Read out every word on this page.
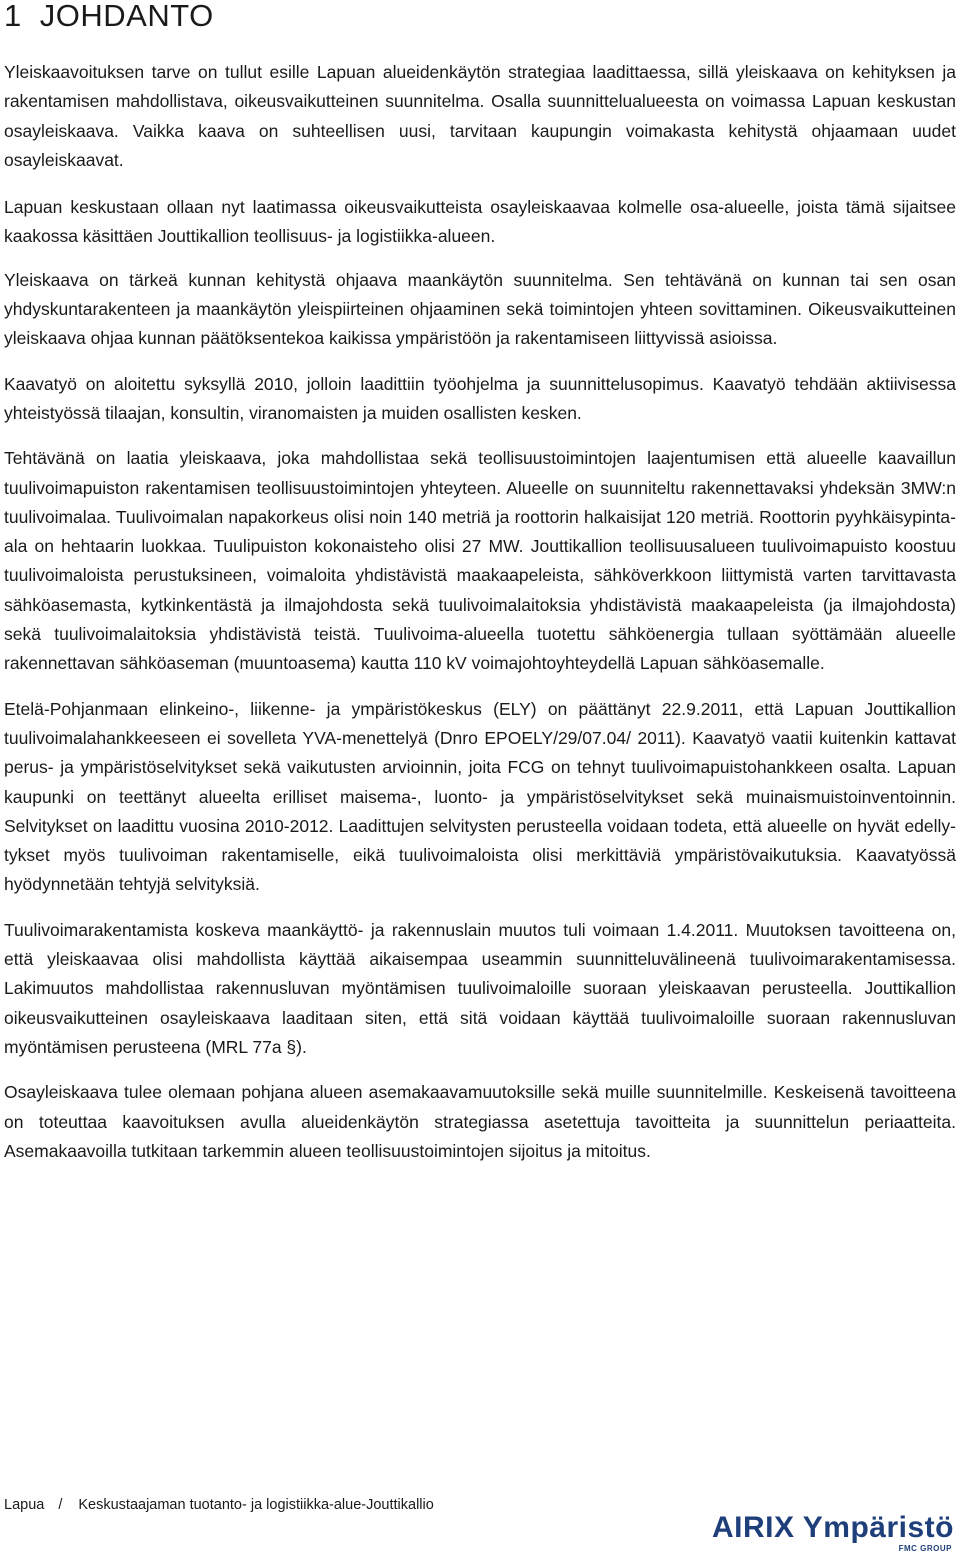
1 JOHDANTO

Yleiskaavoituksen tarve on tullut esille Lapuan alueidenkäytön strategiaa laadittaessa, sillä yleiskaava on kehityksen ja rakentamisen mahdollistava, oikeusvaikutteinen suunnitelma. Osalla suunnittelualueesta on voimassa Lapuan keskustan osayleiskaava. Vaikka kaava on suhteellisen uusi, tarvitaan kaupungin voimakasta kehitystä ohjaamaan uudet osayleiskaavat.

Lapuan keskustaan ollaan nyt laatimassa oikeusvaikutteista osayleiskaavaa kolmelle osa-alueelle, joista tämä sijaitsee kaakossa käsittäen Jouttikallion teollisuus- ja logistiikka-alueen.

Yleiskaava on tärkeä kunnan kehitystä ohjaava maankäytön suunnitelma. Sen tehtävänä on kunnan tai sen osan yhdyskuntarakenteen ja maankäytön yleispiirteinen ohjaaminen sekä toimintojen yhteen sovittaminen. Oikeusvaikutteinen yleiskaava ohjaa kunnan päätöksentekoa kaikissa ympäristöön ja rakentamiseen liittyvissä asioissa.

Kaavatyö on aloitettu syksyllä 2010, jolloin laadittiin työohjelma ja suunnittelusopimus. Kaavatyö tehdään aktiivisessa yhteistyössä tilaajan, konsultin, viranomaisten ja muiden osallisten kesken.

Tehtävänä on laatia yleiskaava, joka mahdollistaa sekä teollisuustoimintojen laajentumisen että alueelle kaavaillun tuulivoimapuiston rakentamisen teollisuustoimintojen yhteyteen. Alueelle on suunniteltu rakennettavaksi yhdeksän 3MW:n tuulivoimalaa. Tuulivoimalan napakorkeus olisi noin 140 metriä ja roottorin halkaisijat 120 metriä. Roottorin pyyhkäisypinta-ala on hehtaarin luokkaa. Tuulipuiston kokonaisteho olisi 27 MW. Jouttikallion teollisuusalueen tuulivoimapuisto koostuu tuulivoimaloista perustuksineen, voimaloita yhdistävistä maakaapeleista, sähköverkkoon liittymistä varten tarvittavasta sähköasemasta, kytkinkentästä ja ilmajohdosta sekä tuulivoimalaitoksia yhdistävistä maakaapeleista (ja ilmajohdosta) sekä tuulivoimalaitoksia yhdistävistä teistä. Tuulivoima-alueella tuotettu sähköenergia tullaan syöttämään alueelle rakennettavan sähköaseman (muuntoasema) kautta 110 kV voimajohtoyhteydellä Lapuan sähköasemalle.

Etelä-Pohjanmaan elinkeino-, liikenne- ja ympäristökeskus (ELY) on päättänyt 22.9.2011, että Lapuan Jouttikallion tuulivoimalahankkeeseen ei sovelleta YVA-menettelyä (Dnro EPOELY/29/07.04/ 2011). Kaavatyö vaatii kuitenkin kattavat perus- ja ympäristöselvitykset sekä vaikutusten arvioinnin, joita FCG on tehnyt tuulivoimapuistohankkeen osalta. Lapuan kaupunki on teettänyt alueelta erilliset maisema-, luonto- ja ympäristöselvitykset sekä muinaismuistoinventoinnin. Selvitykset on laadittu vuosina 2010-2012. Laadittujen selvitysten perusteella voidaan todeta, että alueelle on hyvät edellytykset myös tuulivoiman rakentamiselle, eikä tuulivoimaloista olisi merkittäviä ympäristövaikutuksia. Kaavatyössä hyödynnetään tehtyjä selvityksiä.

Tuulivoimarakentamista koskeva maankäyttö- ja rakennuslain muutos tuli voimaan 1.4.2011. Muutoksen tavoitteena on, että yleiskaavaa olisi mahdollista käyttää aikaisempaa useammin suunnitteluvälineenä tuulivoimarakentamisessa. Lakimuutos mahdollistaa rakennusluvan myöntämisen tuulivoimaloille suoraan yleiskaavan perusteella. Jouttikallion oikeusvaikutteinen osayleiskaava laaditaan siten, että sitä voidaan käyttää tuulivoimaloille suoraan rakennusluvan myöntämisen perusteena (MRL 77a §).

Osayleiskaava tulee olemaan pohjana alueen asemakaavamuutoksille sekä muille suunnitelmille. Keskeisenä tavoitteena on toteuttaa kaavoituksen avulla alueidenkäytön strategiassa asetettuja tavoitteita ja suunnittelun periaatteita. Asemakaavoilla tutkitaan tarkemmin alueen teollisuustoimintojen sijoitus ja mitoitus.

Lapua / Keskustaajaman tuotanto- ja logistiikka-alue-Jouttikallio
AIRIX Ympäristö
FMC GROUP
